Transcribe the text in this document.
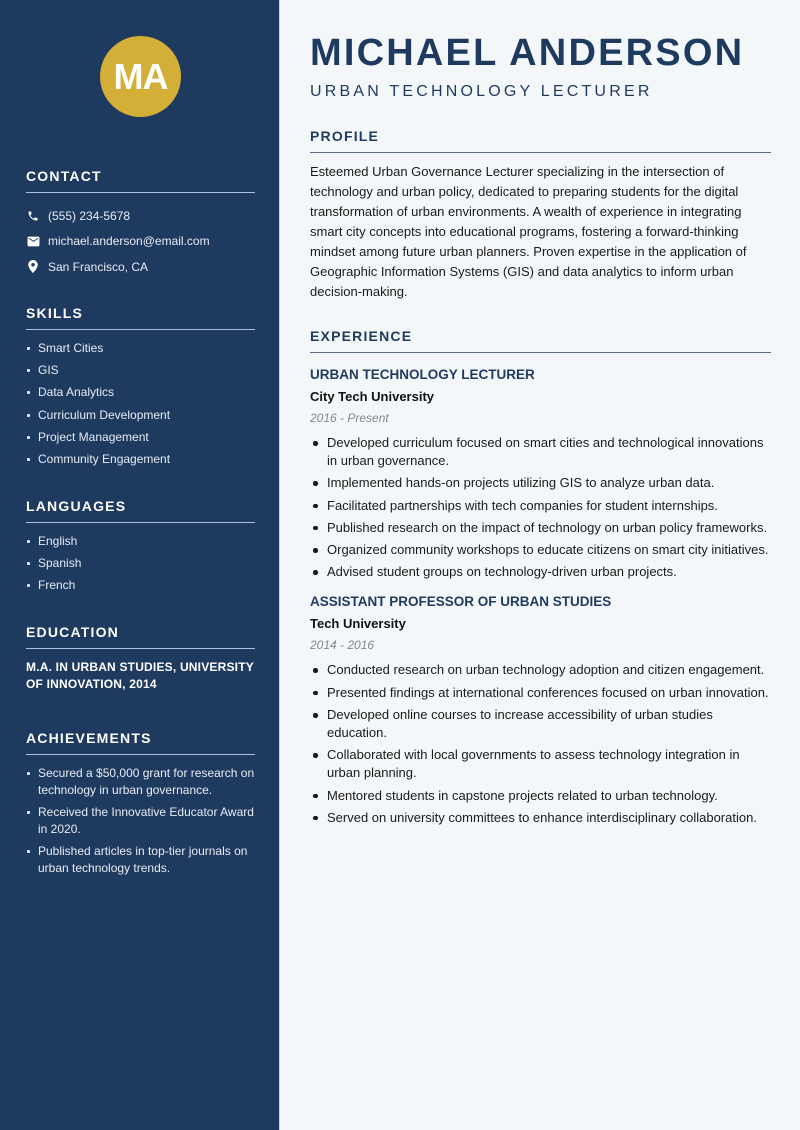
MA
CONTACT
(555) 234-5678
michael.anderson@email.com
San Francisco, CA
SKILLS
Smart Cities
GIS
Data Analytics
Curriculum Development
Project Management
Community Engagement
LANGUAGES
English
Spanish
French
EDUCATION

M.A. IN URBAN STUDIES, UNIVERSITY OF INNOVATION, 2014

ACHIEVEMENTS
Secured a $50,000 grant for research on technology in urban governance.
Received the Innovative Educator Award in 2020.
Published articles in top-tier journals on urban technology trends.
MICHAEL ANDERSON
URBAN TECHNOLOGY LECTURER
PROFILE

Esteemed Urban Governance Lecturer specializing in the intersection of technology and urban policy, dedicated to preparing students for the digital transformation of urban environments. A wealth of experience in integrating smart city concepts into educational programs, fostering a forward-thinking mindset among future urban planners. Proven expertise in the application of Geographic Information Systems (GIS) and data analytics to inform urban decision-making.

EXPERIENCE
URBAN TECHNOLOGY LECTURER
City Tech University
2016 - Present
Developed curriculum focused on smart cities and technological innovations in urban governance.
Implemented hands-on projects utilizing GIS to analyze urban data.
Facilitated partnerships with tech companies for student internships.
Published research on the impact of technology on urban policy frameworks.
Organized community workshops to educate citizens on smart city initiatives.
Advised student groups on technology-driven urban projects.
ASSISTANT PROFESSOR OF URBAN STUDIES
Tech University
2014 - 2016
Conducted research on urban technology adoption and citizen engagement.
Presented findings at international conferences focused on urban innovation.
Developed online courses to increase accessibility of urban studies education.
Collaborated with local governments to assess technology integration in urban planning.
Mentored students in capstone projects related to urban technology.
Served on university committees to enhance interdisciplinary collaboration.
